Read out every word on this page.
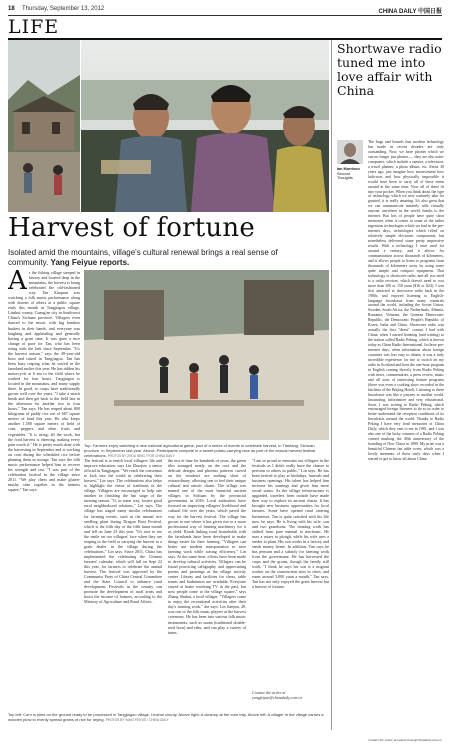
18 Thursday, September 13, 2012	CHINA DAILY 中国日报
LIFE
Harvest of fortune
Isolated amid the mountains, village's cultural renewal brings a real sense of community. Yang Feiyue reports.
A s the fishing village steeped in history and located deep in the mountains, the harvest is being celebrated the old-fashioned way. Tan Xiuquan was watching a folk music performance along with dozens of others at a public square early this month in Tangjiagou village, Linshui county, Guang'an city in Southwest China's Sichuan province. Villagers even danced to the music with big bamboo baskets in their hands, and everyone was laughing and applauding and generally having a great time. It was quite a nice change of pace for Tan, who has been rising with the lark since September. "It's the harvest season," says the 49-year-old born and raised in Tangjiagou. Tan has been busy reaping what he sowed in the farmland earlier this year. He has ridden his motorcycle at 6 am to the field where he worked for four hours. Tangjiagou is located in the mountains, and many supply there. In good, so crops have traditionally grown well over the years. "I take a snack break and then get back to the field late in the afternoon for another two to four hours," Tan says. He has reaped about 800 kilograms of paddy rice out of 667 square meters of land this year. He also keeps another 1,500 square meters of field of corn, peppers and other fruits and vegetables. "It is tiring, all the work, but the food harvest is cheering, making every pain worth it." He is pretty much done with the harvesting in September and is working on corn during the scheduled rice before planting them in storage. Tan says the folk music performance helped him to recover his strength and rest. "I was part of the celebration festival in the village since 2011. "We play chess and make gluten-mushy cake together in the farmers square," Tan says.
Top: Farmers enjoy watching a new national agricultural game, part of a series of events to celebrate harvest, in Tiantang, Sichuan province, in September last year. Above: Participants compete in a sweet potato-carrying race as part of the annual harvest festival celebrations. PHOTOS BY ZHOU BING / FOR CHINA DAILY
The festival is to enrich local villagers' life and improve education, says Lin Zhuojun, a senior official in Tangjiagou. "We reach the consensus to kick into the world in celebrating their harvest," Lin says. The celebrations also helps to highlight the virtue of traditions in the village. Villagers are encouraged to help one another in finishing the last stage of the farming season. "If, in some way, fosters good rural neighborhood relations," Lin says. The village has staged many similar celebrations for farming events, such as the annual rice seedling plant during Dragon Boat Festival, which is the fifth day of the fifth lunar month and fell on June 23 this year. "It's nice to see the smile on our villagers' face when they are reaping to the field or carrying the harvest to a grain dealer in the village during the celebrations," Lin says. Since 2011, China has implemented the celebrating the Chinese farmers' calendar, which will fall on Sept 22 this year, for farmers to celebrate the annual harvest. The festival was approved by the Communist Party of China Central Committee and the State Council to enhance rural development. Festivals in the country can promote the development of rural areas and boost the income of farmers, according to the Ministry of Agriculture and Rural Affairs.
the rest of time for hundreds of years, the green tiles arranged neatly on the roof and the delicate designs and phoenix patterns carved on the windows are nothing short of extraordinary, allowing one to feel their unique cultural and artistic charm. The village was named one of the most beautiful ancient villages in Sichuan by the provincial government in 2016. Local authorities have focused on improving villagers' livelihood and cultural life over the years, which paved the way for the harvest festival. The village has grown to one where it has given rise to a more professional way of farming machinery for it as yield. Roads linking rural households with the farmlands have been developed to make things easier for their farming. "Villagers can better use modern transportation to save farming work while raising efficiency," Lin says. At the same time, efforts have been made to develop cultural activities. Villagers can be found practicing calligraphy and appreciating poems and paintings at the village activity center. Library and facilities for chess, table tennis and badminton are available. Everyone stayed at home watching TV in the past, but now people come to the village square," says Zhang Shuhai, a local villager. "Villagers come to enjoy the recreational activities after their day's farming work," she says. Lin Jianjun, 49, was one of the folk music players at the harvest ceremony. He has been into various folk music instruments, such as suona (traditional double-reed horn) and erhu, and can play a variety of tunes.
"I am so proud to entertain our villagers in the festivals as I didn't really have the chance to perform to others in public," Lin says. He has been invited to play at birthdays, funerals and business openings. His talent has helped him increase his earnings and given him more social status. As the village infrastructure is upgraded, travelers from outside have made their way to explore its ancient charm. It has brought new business opportunities for local farmers. Some have opened rural catering businesses. Tan is quite satisfied with his life now, he says. He is living with his wife, son and two grandsons. The farming work has shifted from pure manual to mechanic. He uses a rotary to plough, while his wife uses a seeder to plant. His son works in a factory and sends money home. In addition, Tan says he has pension and a subsidy for farming work from the government. He has harvested the crops and the grains, though the family still work. "I think he says his son is a migrant worker on the construction sites in cities, and earns around 3,000 yuan a month," Tan says. Tan has not only enjoyed the grain harvest but a harvest of fortune.
Top left: Corn is piled on the ground ready to be processed in Tangjiagou village, Linshui county. Above right: A cleanup at the corn tray. Above left: A villager in the village carries a wooden plow to evenly spread grains of rice for drying. PHOTOS BY YANG FEIYUE / CHINA DAILY
Contact the writer at yangfeiyue@chinadaily.com.cn
Shortwave radio tuned me into love affair with China
Ian Morrison
Second Thoughts
The hugs and bounds that modern technology has made in recent decades are truly outstanding. Now, we have phones which we can no longer just phones — they are also mini-computers, which include a camera, a television, a travel planner, a photo album, etc. About 30 years ago, just imagine how inconvenient how ludicrous and how physically impossible it would have been to carry all of these items around at the same time. Now all of these fit into your pocket. When you think about the type of technology which we now routinely take for granted, it is really amazing. It's also great that we can communicate instantly with virtually anyone, anywhere in the world, thanks to the internet. But lots of people have quite short memories when it comes to some of the rather ingenious technologies which we had in the pre-internet days, technologies which relied on relatively simple electronic components, but nonetheless delivered some pretty impressive results. With a technology I once used for around a century, and it allows for communication across thousands of kilometers, and it allows people to listen to programs from thousands of kilometers away by using some quite simple and compact equipment. That technology is shortwave radio, and all you need is a radio receiver, which doesn't need to cost more than 100 or 150 yuan ($16 or $24). I was first attracted to shortwave radio back in the 1980s, and enjoyed listening to English-language broadcasts from many countries around the world, including the Soviet Union, Sweden, South Africa, the Netherlands, Albania, Romania, Vietnam, the German Democratic Republic, the Democratic People's Republic of Korea, India and China. Shortwave radio was actually the first "direct" contact I had with China, when I started listening (and writing) to the station called Radio Peking, which is known today as China Radio International. In those pre-internet days, when information about foreign countries was less easy to obtain, it was a truly incredible experience for me to switch on my radio in Scotland and hear the one-hour program in English coming directly from Radio Peking with news, commentaries, a press review, music and all sorts of interesting feature programs (there was even a cooking show recorded in the kitchens of the Beijing Hotel). Listening to these broadcasts was like a journey to another world, fascinating, informative and very educational. Soon, I was writing to Radio Peking, which encouraged foreign listeners to do so in order to better understand the reception conditions of its broadcasts around the world. Thanks to Radio Peking I have very fond memories of China Daily, which they sent to me in 1981, and I was also one of the lucky winners of a Radio Peking contest marking the 40th anniversary of the founding of New China in 1989. My prize was a beautiful Chinese fan table cover, which was a lovely memento of those early days when I started to get to know all about China.
Contact the writer at ianmorrison@chinadaily.com.cn
